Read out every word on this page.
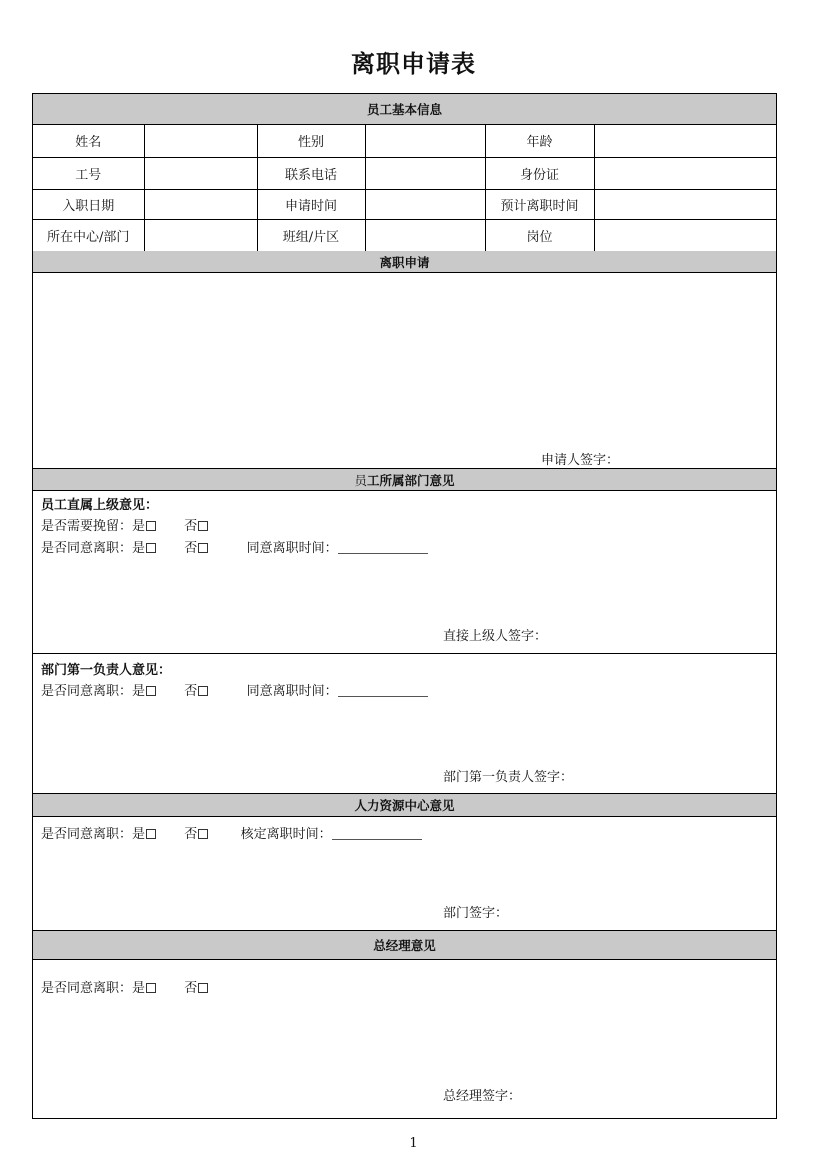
离职申请表
员工基本信息
姓名		性别		年龄	
工号		联系电话		身份证	
入职日期		申请时间		预计离职时间	
所在中心/部门		班组/片区		岗位	
离职申请
申请人签字：
员 工所属部门意见
员工直属上级意见：
是否需要挽留：是	否
是否同意离职：是	否	同意离职时间：
直接上级人签字：
部门第一负责人意见：
是否同意离职：是	否	同意离职时间：
部门第一负责人签字：
人力资源中心意见
是否同意离职：是	否	核定离职时间：
部门签字：
总经理意见
是否同意离职：是	否
总经理签字：
1
